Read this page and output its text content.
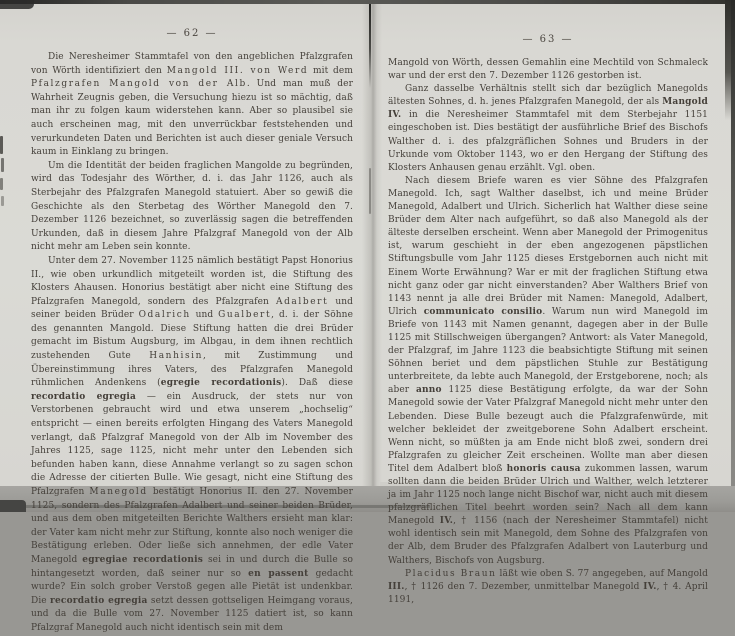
— 62 —

Die Neresheimer Stammtafel von den angeblichen Pfalzgrafen von Wörth identifiziert den Mangold III. von Werd mit dem Pfalzgrafen Mangold von der Alb. Und man muß der Wahrheit Zeugnis geben, die Versuchung hiezu ist so mächtig, daß man ihr zu folgen kaum widerstehen kann. Aber so plausibel sie auch erscheinen mag, mit den unverrückbar feststehenden und verurkundeten Daten und Berichten ist auch dieser geniale Versuch kaum in Einklang zu bringen.

Um die Identität der beiden fraglichen Mangolde zu begründen, wird das Todesjahr des Wörther, d. i. das Jahr 1126, auch als Sterbejahr des Pfalzgrafen Manegold statuiert. Aber so gewiß die Geschichte als den Sterbetag des Wörther Manegold den 7. Dezember 1126 bezeichnet, so zuverlässig sagen die betreffenden Urkunden, daß in diesem Jahre Pfalzgraf Manegold von der Alb nicht mehr am Leben sein konnte.

Unter dem 27. November 1125 nämlich bestätigt Papst Honorius II., wie oben urkundlich mitgeteilt worden ist, die Stiftung des Klosters Ahausen. Honorius bestätigt aber nicht eine Stiftung des Pfalzgrafen Manegold, sondern des Pfalzgrafen Adalbert und seiner beiden Brüder Odalrich und Gualbert, d. i. der Söhne des genannten Mangold. Diese Stiftung hatten die drei Brüder gemacht im Bistum Augsburg, im Albgau, in dem ihnen rechtlich zustehenden Gute Hanhisin, mit Zustimmung und Übereinstimmung ihres Vaters, des Pfalzgrafen Manegold rühmlichen Andenkens (egregie recordationis). Daß diese recordatio egregia — ein Ausdruck, der stets nur von Verstorbenen gebraucht wird und etwa unserem „hochselig“ entspricht — einen bereits erfolgten Hingang des Vaters Manegold verlangt, daß Pfalzgraf Manegold von der Alb im November des Jahres 1125, sage 1125, nicht mehr unter den Lebenden sich befunden haben kann, diese Annahme verlangt so zu sagen schon die Adresse der citierten Bulle. Wie gesagt, nicht eine Stiftung des Pfalzgrafen Manegold bestätigt Honorius II. den 27. November 1125, sondern des Pfalzgrafen Adalbert und seiner beiden Brüder, und aus dem oben mitgeteilten Berichte Walthers ersieht man klar: der Vater kam nicht mehr zur Stiftung, konnte also noch weniger die Bestätigung erleben. Oder ließe sich annehmen, der edle Vater Manegold egregiae recordationis sei in und durch die Bulle so hintangesetzt worden, daß seiner nur so en passent gedacht wurde? Ein solch grober Verstoß gegen alle Pietät ist undenkbar. Die recordatio egregia setzt dessen gottseligen Heimgang voraus, und da die Bulle vom 27. November 1125 datiert ist, so kann Pfalzgraf Manegold auch nicht identisch sein mit dem

— 63 —

Mangold von Wörth, dessen Gemahlin eine Mechtild von Schmaleck war und der erst den 7. Dezember 1126 gestorben ist.

Ganz dasselbe Verhältnis stellt sich dar bezüglich Manegolds ältesten Sohnes, d. h. jenes Pfalzgrafen Manegold, der als Mangold IV. in die Neresheimer Stammtafel mit dem Sterbejahr 1151 eingeschoben ist. Dies bestätigt der ausführliche Brief des Bischofs Walther d. i. des pfalzgräflichen Sohnes und Bruders in der Urkunde vom Oktober 1143, wo er den Hergang der Stiftung des Klosters Anhausen genau erzählt. Vgl. oben.

Nach diesem Briefe waren es vier Söhne des Pfalzgrafen Manegold. Ich, sagt Walther daselbst, ich und meine Brüder Manegold, Adalbert und Ulrich. Sicherlich hat Walther diese seine Brüder dem Alter nach aufgeführt, so daß also Manegold als der älteste derselben erscheint. Wenn aber Manegold der Primogenitus ist, warum geschieht in der eben angezogenen päpstlichen Stiftungsbulle vom Jahr 1125 dieses Erstgebornen auch nicht mit Einem Worte Erwähnung? War er mit der fraglichen Stiftung etwa nicht ganz oder gar nicht einverstanden? Aber Walthers Brief von 1143 nennt ja alle drei Brüder mit Namen: Manegold, Adalbert, Ulrich communicato consilio. Warum nun wird Manegold im Briefe von 1143 mit Namen genannt, dagegen aber in der Bulle 1125 mit Stillschweigen übergangen? Antwort: als Vater Manegold, der Pfalzgraf, im Jahre 1123 die beabsichtigte Stiftung mit seinen Söhnen beriet und dem päpstlichen Stuhle zur Bestätigung unterbreitete, da lebte auch Manegold, der Erstgeborene, noch; als aber anno 1125 diese Bestätigung erfolgte, da war der Sohn Manegold sowie der Vater Pfalzgraf Manegold nicht mehr unter den Lebenden. Diese Bulle bezeugt auch die Pfalzgrafenwürde, mit welcher bekleidet der zweitgeborene Sohn Adalbert erscheint. Wenn nicht, so müßten ja am Ende nicht bloß zwei, sondern drei Pfalzgrafen zu gleicher Zeit erscheinen. Wollte man aber diesen Titel dem Adalbert bloß honoris causa zukommen lassen, warum sollten dann die beiden Brüder Ulrich und Walther, welch letzterer ja im Jahr 1125 noch lange nicht Bischof war, nicht auch mit diesem pfalzgräflichen Titel beehrt worden sein? Nach all dem kann Manegold IV., † 1156 (nach der Neresheimer Stammtafel) nicht wohl identisch sein mit Manegold, dem Sohne des Pfalzgrafen von der Alb, dem Bruder des Pfalzgrafen Adalbert von Lauterburg und Walthers, Bischofs von Augsburg.

Placidus Braun läßt wie oben S. 77 angegeben, auf Mangold III., † 1126 den 7. Dezember, unmittelbar Manegold IV., † 4. April 1191,
